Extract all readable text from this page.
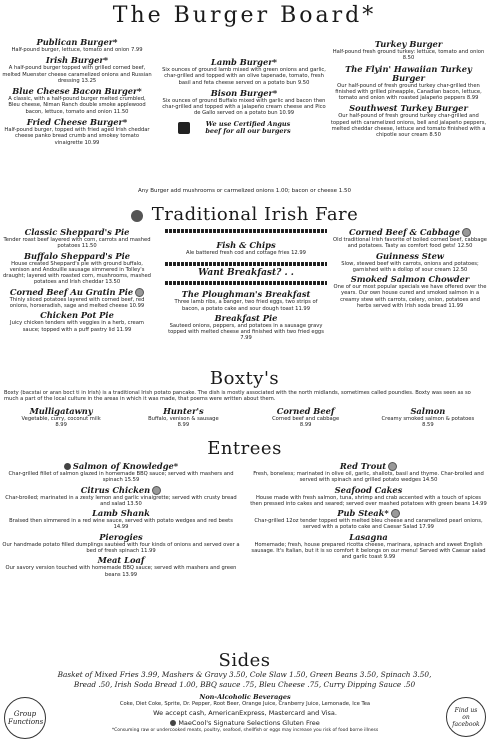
The Burger Board*
Publican Burger*
Half-pound burger, lettuce, tomato and onion 7.99
Irish Burger*
A half-pound burger topped with grilled corned beef, melted Muenster cheese caramelized onions and Russian dressing 13.25
Blue Cheese Bacon Burger*
A classic, with a half-pound burger melted crumbled, Bleu cheese, Niman Ranch double smoke applewood bacon, lettuce, tomato and onion 11.50
Fried Cheese Burger*
Half-pound burger, topped with fried aged Irish cheddar cheese panko bread crumb and smokey tomato vinaigrette 10.99
Lamb Burger*
Six ounces of ground lamb mixed with green onions and garlic, char-grilled and topped with an olive tapenade, tomato, fresh basil and feta cheese served on a potato bun 9.50
Bison Burger*
Six ounces of ground Buffalo mixed with garlic and bacon then char-grilled and topped with a jalapeño cream cheese and Pico de Gallo served on a potato bun 10.99
We use Certified Angus beef for all our burgers
Turkey Burger
Half-pound fresh ground turkey: lettuce, tomato and onion 8.50
The Flyin' Hawaiian Turkey Burger
Our half-pound of fresh ground turkey char-grilled then finished with grilled pineapple, Canadian bacon, lettuce, tomato and onion with roasted jalapeño peppers 8.99
Southwest Turkey Burger
Our half-pound of fresh ground turkey char-grilled and topped with caramelized onions, bell and jalapeño peppers, melted cheddar cheese, lettuce and tomato finished with a chipotle sour cream 8.50
Any Burger add mushrooms or carmelized onions 1.00; bacon or cheese 1.50
Traditional Irish Fare
Classic Sheppard's Pie
Tender roast beef layered with corn, carrots and mashed potatoes 11.50
Buffalo Sheppard's Pie
House created Sheppard's pie with ground buffalo, venison and Andouille sausage simmered in Tolley's draught; layered with roasted corn, mushrooms, mashed potatoes and Irish cheddar 13.50
Corned Beef Au Gratin Pie
Thinly sliced potatoes layered with corned beef, red onions, horseradish, sage and melted cheese 10.99
Chicken Pot Pie
Juicy chicken tenders with veggies in a herb, cream sauce; topped with a puff pastry lid 11.99
Fish & Chips
Ale battered fresh cod and cottage fries 12.99
Want Breakfast? . .
The Ploughman's Breakfast
Three lamb ribs, a banger, two fried eggs, two strips of bacon, a potato cake and sour dough toast 11.99
Breakfast Pie
Sauteed onions, peppers, and potatoes in a sausage gravy topped with melted cheese and finished with two fried eggs 7.99
Corned Beef & Cabbage
Old traditional Irish favorite of boiled corned beef, cabbage and potatoes. Tasty as comfort food gets! 12.50
Guinness Stew
Slow, stewed beef with carrots, onions and potatoes; garnished with a dollop of sour cream 12.50
Smoked Salmon Chowder
One of our most popular specials we have offered over the years. Our own house cured and smoked salmon in a creamy stew with carrots, celery, onion, potatoes and herbs served with Irish soda bread 11.99
Boxty's
Boxty (bacstai or aran boct ti in Irish) is a traditional Irish potato pancake. The dish is mostly associated with the north midlands, sometimes called poundies. Boxty was seen as so much a part of the local culture in the areas in which it was made, that poems were written about them.
Mulligatawny
Vegetable, curry, coconut milk
8.99
Hunter's
Buffalo, venison & sausage
8.99
Corned Beef
Corned beef and cabbage
8.99
Salmon
Creamy smoked salmon & potatoes
8.59
Entrees
Salmon of Knowledge*
Char-grilled fillet of salmon glazed in homemade BBQ sauce; served with mashers and spinach 15.59
Citrus Chicken
Char-broiled; marinated in a zesty lemon and garlic vinaigrette; served with crusty bread and salad 13.50
Lamb Shank
Braised then simmered in a red wine sauce, served with potato wedges and red beets 14.99
Pierogies
Our handmade potato filled dumplings sautéed with four kinds of onions and served over a bed of fresh spinach 11.99
Meat Loaf
Our savory version touched with homemade BBQ sauce; served with mashers and green beans 13.99
Red Trout
Fresh, boneless; marinated in olive oil, garlic, shallots, basil and thyme. Char-broiled and served with spinach and grilled potato wedges 14.50
Seafood Cakes
House made with fresh salmon, tuna, shrimp and crab accented with a touch of spices then pressed into cakes and seared; served over mashed potatoes with green beans 14.99
Pub Steak*
Char-grilled 12oz tender topped with melted bleu cheese and caramelized pearl onions, served with a potato cake and Caesar Salad 17.99
Lasagna
Homemade; fresh, house prepared ricotta cheese, marinara, spinach and sweet English sausage. It's Italian, but it is so comfort it belongs on our menu! Served with Caesar salad and garlic toast 9.99
Sides
Basket of Mixed Fries 3.99, Mashers & Gravy 3.50, Cole Slaw 1.50, Green Beans 3.50, Spinach 3.50,
Bread .50, Irish Soda Bread 1.00, BBQ sauce .75, Bleu Cheese .75, Curry Dipping Sauce .50
Group Functions
Find us on facebook
Non-Alcoholic Beverages
Coke, Diet Coke, Sprite, Dr. Pepper, Root Beer, Orange Juice, Cranberry Juice, Lemonade, Ice Tea
We accept cash, AmericanExpress, Mastercard and Visa.
MaeCool's Signature Selections Gluten Free
*Consuming raw or undercooked meats, poultry, seafood, shellfish or eggs may increase you risk of food borne illness
